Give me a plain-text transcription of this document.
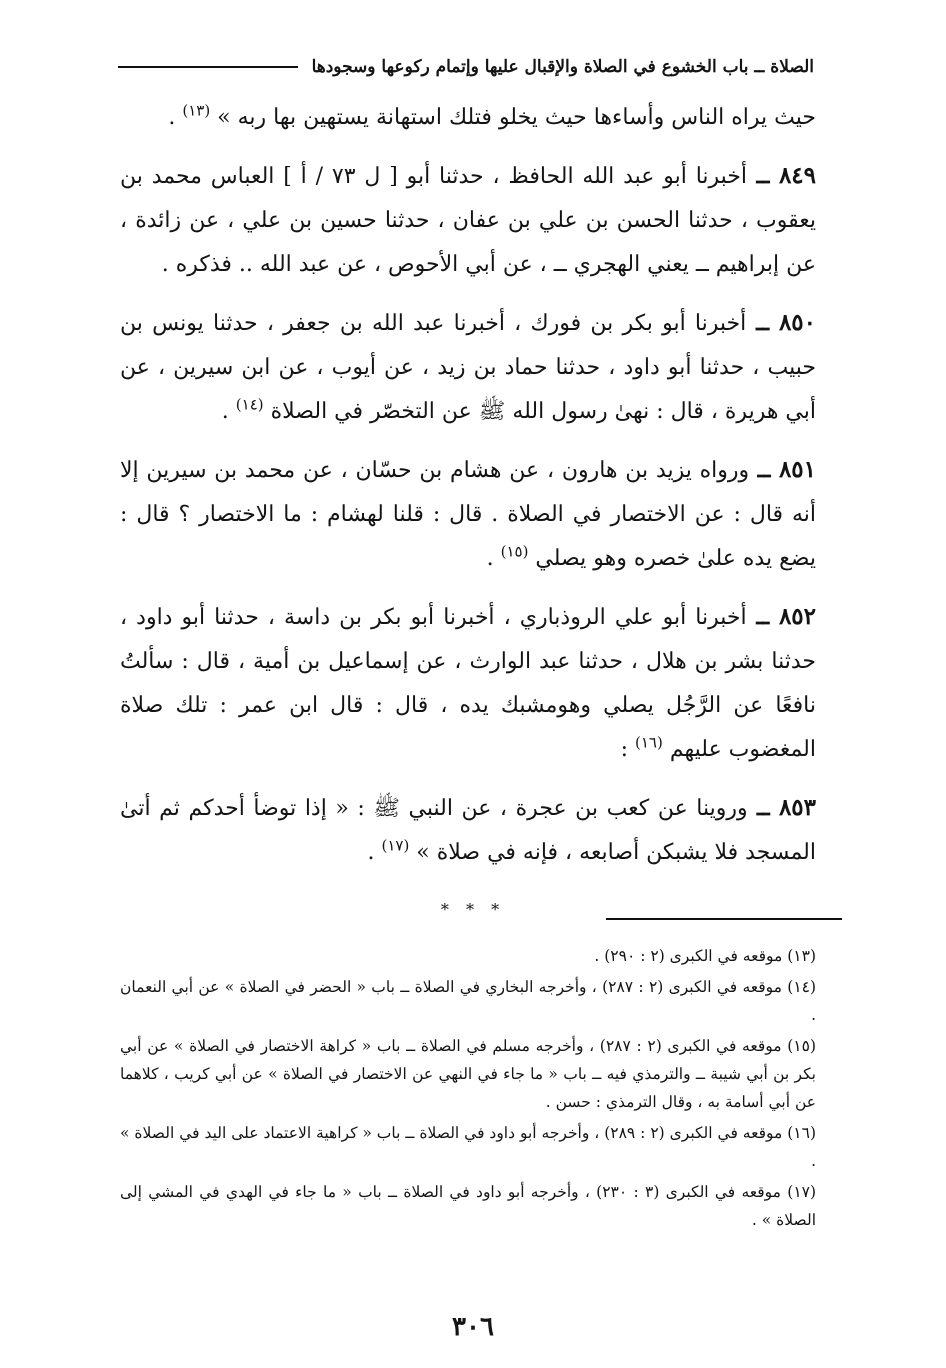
الصلاة ــ باب الخشوع في الصلاة والإقبال عليها وإتمام ركوعها وسجودها

حيث يراه الناس وأساءها حيث يخلو فتلك استهانة يستهين بها ربه » $^{(١٣)}$ .

٨٤٩ ــ أخبرنا أبو عبد الله الحافظ ، حدثنا أبو [ ل ٧٣ / أ ] العباس محمد بن يعقوب ، حدثنا الحسن بن علي بن عفان ، حدثنا حسين بن علي ، عن زائدة ، عن إبراهيم ــ يعني الهجري ــ ، عن أبي الأحوص ، عن عبد الله .. فذكره .

٨٥٠ ــ أخبرنا أبو بكر بن فورك ، أخبرنا عبد الله بن جعفر ، حدثنا يونس بن حبيب ، حدثنا أبو داود ، حدثنا حماد بن زيد ، عن أيوب ، عن ابن سيرين ، عن أبي هريرة ، قال : نهىٰ رسول الله ﷺ عن التخصّر في الصلاة $^{(١٤)}$ .

٨٥١ ــ ورواه يزيد بن هارون ، عن هشام بن حسّان ، عن محمد بن سيرين إلا أنه قال : عن الاختصار في الصلاة . قال : قلنا لهشام : ما الاختصار ؟ قال : يضع يده علىٰ خصره وهو يصلي $^{(١٥)}$ .

٨٥٢ ــ أخبرنا أبو علي الروذباري ، أخبرنا أبو بكر بن داسة ، حدثنا أبو داود ، حدثنا بشر بن هلال ، حدثنا عبد الوارث ، عن إسماعيل بن أمية ، قال : سألتُ نافعًا عن الرَّجُل يصلي وهومشبك يده ، قال : قال ابن عمر : تلك صلاة المغضوب عليهم $^{(١٦)}$ :

٨٥٣ ــ وروينا عن كعب بن عجرة ، عن النبي ﷺ : « إذا توضأ أحدكم ثم أتىٰ المسجد فلا يشبكن أصابعه ، فإنه في صلاة » $^{(١٧)}$ .

* * *

(١٣) موقعه في الكبرى (٢ : ٢٩٠) .

(١٤) موقعه في الكبرى (٢ : ٢٨٧) ، وأخرجه البخاري في الصلاة ــ باب « الحضر في الصلاة » عن أبي النعمان .

(١٥) موقعه في الكبرى (٢ : ٢٨٧) ، وأخرجه مسلم في الصلاة ــ باب « كراهة الاختصار في الصلاة » عن أبي بكر بن أبي شيبة ــ والترمذي فيه ــ باب « ما جاء في النهي عن الاختصار في الصلاة » عن أبي كريب ، كلاهما عن أبي أسامة به ، وقال الترمذي : حسن .

(١٦) موقعه في الكبرى (٢ : ٢٨٩) ، وأخرجه أبو داود في الصلاة ــ باب « كراهية الاعتماد على اليد في الصلاة » .

(١٧) موقعه في الكبرى (٣ : ٢٣٠) ، وأخرجه أبو داود في الصلاة ــ باب « ما جاء في الهدي في المشي إلى الصلاة » .

٣٠٦
